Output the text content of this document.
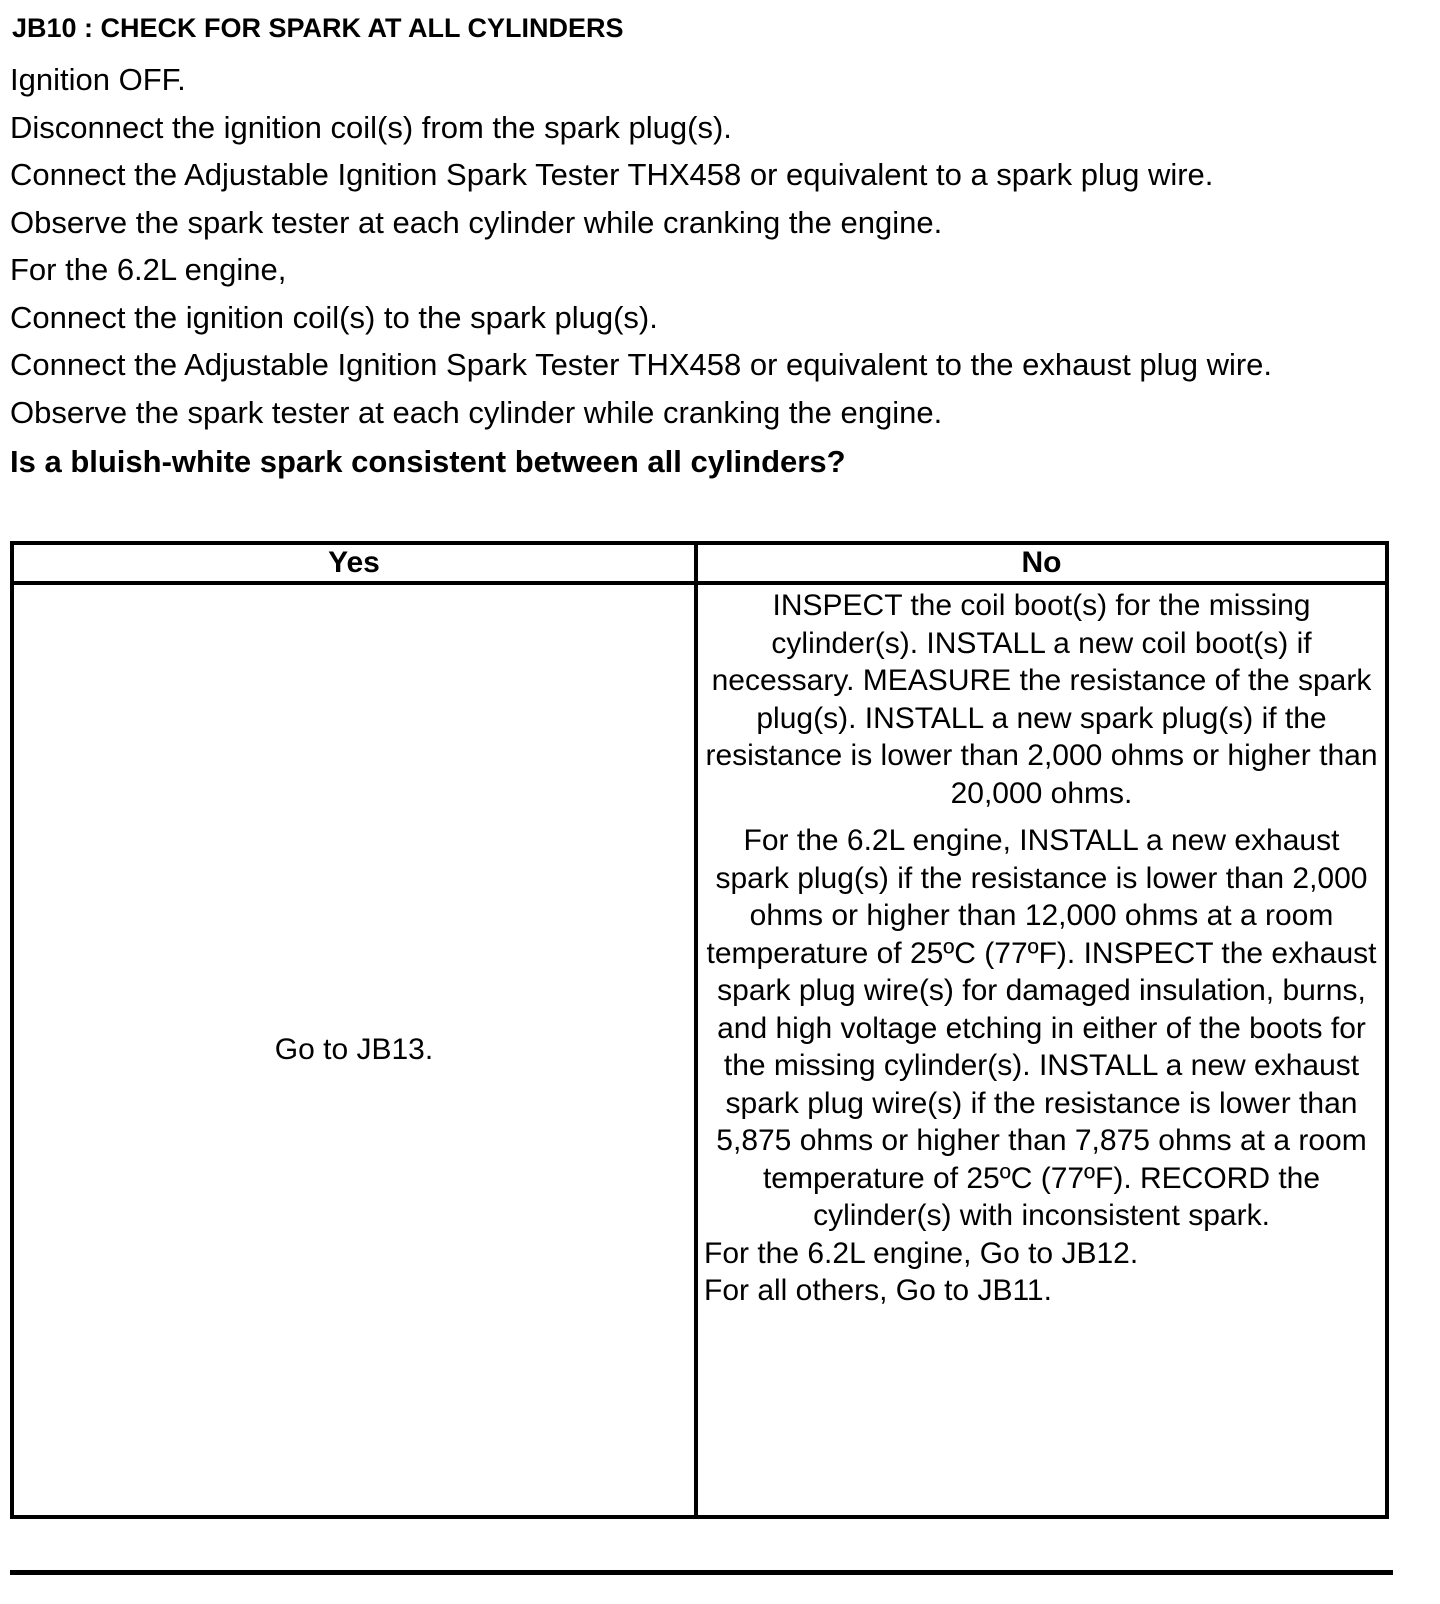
JB10 : CHECK FOR SPARK AT ALL CYLINDERS
Ignition OFF.
Disconnect the ignition coil(s) from the spark plug(s).
Connect the Adjustable Ignition Spark Tester THX458 or equivalent to a spark plug wire.
Observe the spark tester at each cylinder while cranking the engine.
For the 6.2L engine,
Connect the ignition coil(s) to the spark plug(s).
Connect the Adjustable Ignition Spark Tester THX458 or equivalent to the exhaust plug wire.
Observe the spark tester at each cylinder while cranking the engine.
Is a bluish-white spark consistent between all cylinders?
Yes	No
Go to JB13.	INSPECT the coil boot(s) for the missing cylinder(s). INSTALL a new coil boot(s) if necessary. MEASURE the resistance of the spark plug(s). INSTALL a new spark plug(s) if the resistance is lower than 2,000 ohms or higher than 20,000 ohms.

For the 6.2L engine, INSTALL a new exhaust spark plug(s) if the resistance is lower than 2,000 ohms or higher than 12,000 ohms at a room temperature of 25ºC (77ºF). INSPECT the exhaust spark plug wire(s) for damaged insulation, burns, and high voltage etching in either of the boots for the missing cylinder(s). INSTALL a new exhaust spark plug wire(s) if the resistance is lower than 5,875 ohms or higher than 7,875 ohms at a room temperature of 25ºC (77ºF). RECORD the cylinder(s) with inconsistent spark.

For the 6.2L engine, Go to JB12.

For all others, Go to JB11.
